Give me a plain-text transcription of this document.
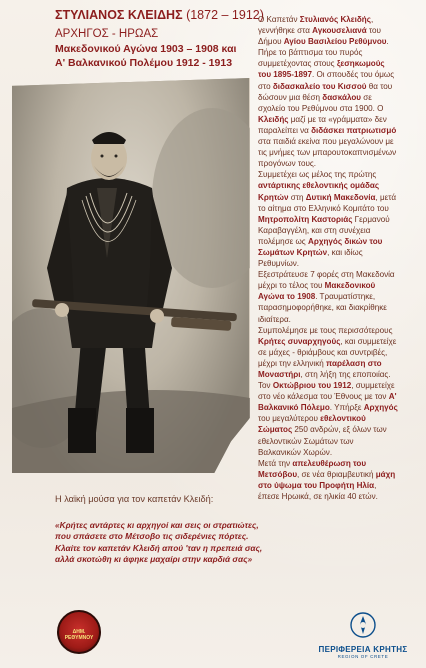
ΣΤΥΛΙΑΝΟΣ ΚΛΕΙΔΗΣ (1872 – 1912)
ΑΡΧΗΓΟΣ - ΗΡΩΑΣ
Μακεδονικού Αγώνα 1903 – 1908 και
Α' Βαλκανικού Πολέμου 1912 - 1913
Η λαϊκή μούσα για τον καπετάν Κλειδή:
«Κρήτες αντάρτες κι αρχηγοί και σεις οι στρατιώτες,
που σπάσετε στο Μέτσοβο τις σιδερένιες πόρτες.
Κλαίτε τον καπετάν Κλειδή απού 'ταν η πρεπειά σας,
αλλά σκοτώθη κι άφηκε μαχαίρι στην καρδιά σας»
Ο Καπετάν Στυλιανός Κλειδής,
γεννήθηκε στα Αγκουσελιανά του
Δήμου Αγίου Βασιλείου Ρεθύμνου.
Πήρε το βάπτισμα του πυρός
συμμετέχοντας στους ξεσηκωμούς
του 1895-1897. Οι σπουδές του όμως
στο διδασκαλείο του Κισσού θα του
δώσουν μια θέση δασκάλου σε
σχολείο του Ρεθύμνου στα 1900. Ο
Κλειδής μαζί με τα «γράμματα» δεν
παραλείπει να διδάσκει πατριωτισμό
στα παιδιά εκείνα που μεγαλώνουν με
τις μνήμες των μπαρουτοκαπνισμένων
προγόνων τους.
Συμμετέχει ως μέλος της πρώτης
αντάρτικης εθελοντικής ομάδας
Κρητών στη Δυτική Μακεδονία, μετά
το αίτημα στο Ελληνικό Κομιτάτο του
Μητροπολίτη Καστοριάς Γερμανού
Καραβαγγέλη, και στη συνέχεια
πολέμησε ως Αρχηγός δικών του
Σωμάτων Κρητών, και ιδίως
Ρεθυμνίων.
Εξεστράτευσε 7 φορές στη Μακεδονία
μέχρι το τέλος του Μακεδονικού
Αγώνα το 1908. Τραυματίστηκε,
παρασημοφορήθηκε, και διακρίθηκε
ιδιαίτερα.
Συμπολέμησε με τους περισσότερους
Κρήτες συναρχηγούς, και συμμετείχε
σε μάχες - θριάμβους και συντριβές,
μέχρι την ελληνική παρέλαση στο
Μοναστήρι, στη λήξη της εποποιίας.
Τον Οκτώβριου του 1912, συμμετείχε
στο νέο κάλεσμα του Έθνους με τον Α'
Βαλκανικό Πόλεμο. Υπήρξε Αρχηγός
του μεγαλύτερου εθελοντικού
Σώματος 250 ανδρών, εξ όλων των
εθελοντικών Σωμάτων των
Βαλκανικών Χωρών.
Μετά την απελευθέρωση του
Μετσόβου, σε νέα θριαμβευτική μάχη
στο ύψωμα του Προφήτη Ηλία,
έπεσε Ηρωικά, σε ηλικία 40 ετών.
ΔΗΜ. ΡΕΘΥΜΝΟΥ
ΠΕΡΙΦΕΡΕΙΑ ΚΡΗΤΗΣ
REGION OF CRETE
